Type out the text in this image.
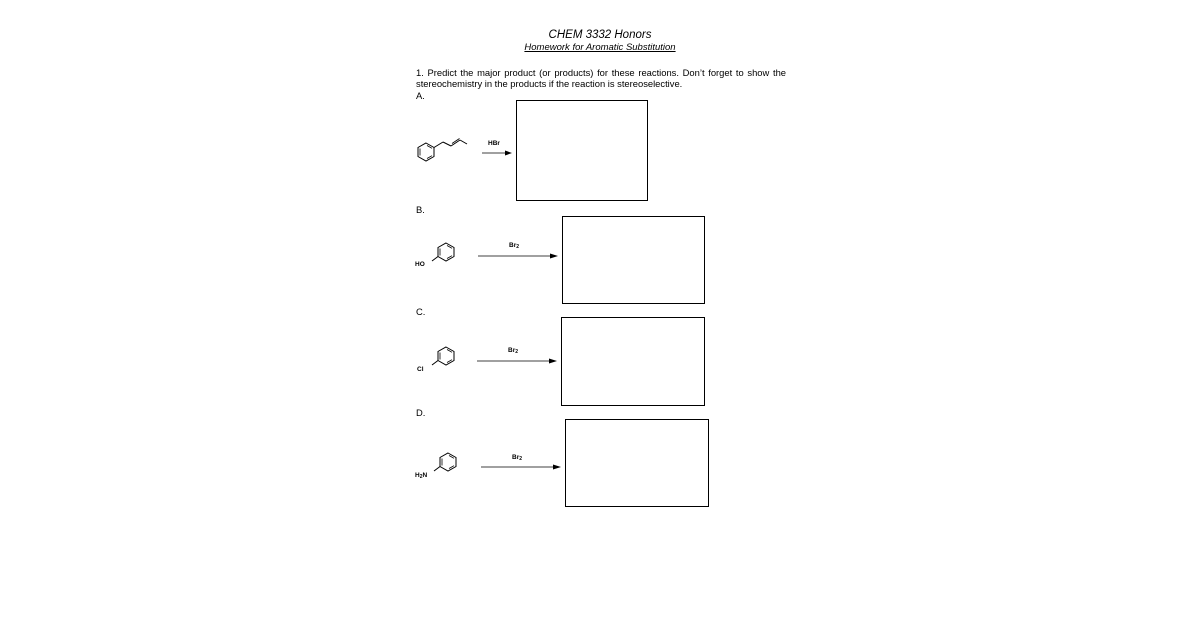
CHEM 3332 Honors
Homework for Aromatic Substitution
1. Predict the major product (or products) for these reactions. Don’t forget to show the stereochemistry in the products if the reaction is stereoselective.
A.
HBr
B.
HO
$Br_2$
C.
Cl
$Br_2$
D.
$H_2N$
$Br_2$
